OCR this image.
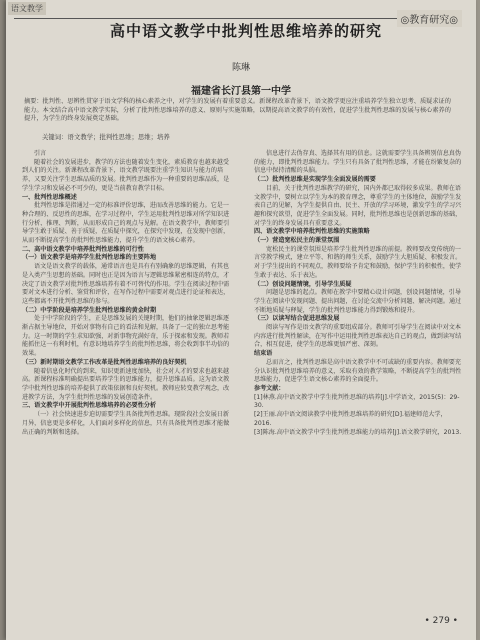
语文教学
◎教育研究◎
高中语文教学中批判性思维培养的研究
陈琳
福建省长汀县第一中学
摘要：批判性、思辨性贯穿于语文学科的核心素养之中，对学生的发展有着重要意义。新课程改革背景下，语文教学更应注重培养学生独立思考、质疑求证的能力。本文结合高中语文教学实际，分析了批判性思维培养的意义、原则与实施策略，以期提高语文教学的有效性，促进学生批判性思维的发展与核心素养的提升，为学生的终身发展奠定基础。
关键词：语文教学；批判性思维；思维；培养

引言

随着社会的发展进步，教学的方法也随着发生变化，素质教育也越来越受到人们的关注。新课程改革背景下，语文教学既要注重学生知识与能力的培养，又要关注学生思维品质的发展。批判性思维作为一种重要的思维品质，是学生学习和发展必不可少的，更是当前教育教学目标。

一、批判性思维概述

批判性思维是指通过一定的标准评价思维，进而改善思维的能力。它是一种合理的、反思性的思维，在学习过程中，学生运用批判性思维对所学知识进行分析、推理、判断，从而形成自己的观点与见解。在语文教学中，教师要引导学生敢于质疑、善于质疑，在质疑中探究，在探究中发现，在发现中创新，从而不断提高学生的批判性思维能力，提升学生的语文核心素养。

二、高中语文教学中培养批判性思维的可行性

（一）语文教学是培养学生批判性思维的主要阵地

语文是语文教学的载体，通常语言也是具有有别确象的思维逻辑，有其也是入类产生思想的基础。同时也正是因为语言与逻辑思维紧密相连的特点，才决定了语文教学对批判性思维培养有着不可替代的作用。学生在阅读过程中需要对文本进行分析、鉴赏和评价，在写作过程中需要对观点进行论证和表达，这些都离不开批判性思维的参与。

（二）中学阶段是培养学生批判性思维的黄金时期

处于中学阶段的学生，正是思维发展的关键时期，他们的抽象逻辑思维逐渐占据主导地位，开始对事物有自己的看法和见解，具备了一定的独立思考能力。这一时期的学生求知欲强，对新事物充满好奇，乐于探索和发现。教师若能抓住这一有利时机，有意识地培养学生的批判性思维，将会收到事半功倍的效果。

（三）新时期语文教学工作改革是批判性思维培养的良好契机

随着信息化时代的到来，知识更新速度加快，社会对人才的要求也越来越高。新课程标准明确提出要培养学生的思维能力，提升思维品质。这为语文教学中批判性思维的培养提供了政策依据和良好契机。教师应转变教学观念，改进教学方法，为学生批判性思维的发展创造条件。

三、语文教学中开展批判性思维培养的必要性分析

（一）社会快速进步迫切需要学生具备批判性思维。现阶段社会发展日新月异，信息更是多样化，人们面对多样化的信息，只有具备批判性思维才能做出正确的判断和选择。

信息进行去伪存真、选择其有用的信息。这就需要学生具备辨别信息真伪的能力，即批判性思维能力。学生只有具备了批判性思维，才能在纷繁复杂的信息中保持清醒的头脑。

（二）批判性思维是实现学生全面发展的需要

目前，关于批判性思维教学的研究，国内外都已取得较多成果。教师在语文教学中，要树立以学生为本的教育理念，尊重学生的主体地位，鼓励学生发表自己的见解，为学生提供自由、民主、开放的学习环境，激发学生的学习兴趣和探究欲望，促进学生全面发展。同时，批判性思维也是创新思维的基础，对学生的终身发展具有重要意义。

四、语文教学中培养批判性思维的实施策略

（一）营造宽松民主的课堂氛围

宽松民主的课堂氛围是培养学生批判性思维的前提。教师要改变传统的一言堂教学模式，建立平等、和谐的师生关系，鼓励学生大胆质疑、积极发言。对于学生提出的不同观点，教师要给予肯定和鼓励，保护学生的积极性，使学生敢于表达、乐于表达。

（二）创设问题情境，引导学生质疑

问题是思维的起点。教师在教学中要精心设计问题，创设问题情境，引导学生在阅读中发现问题、提出问题，在讨论交流中分析问题、解决问题。通过不断地质疑与释疑，学生的批判性思维能力得到锻炼和提升。

（三）以读写结合促进思维发展

阅读与写作是语文教学的重要组成部分。教师可引导学生在阅读中对文本内容进行批判性解读，在写作中运用批判性思维表达自己的观点，做到读写结合，相互促进，使学生的思维更加严密、深刻。

结束语

总而言之，批判性思维是高中语文教学中不可或缺的重要内容。教师要充分认识批判性思维培养的意义，采取有效的教学策略，不断提高学生的批判性思维能力，促进学生语文核心素养的全面提升。

参考文献：

[1]林燕.高中语文教学中学生批判性思维的培养[J].中学语文，2015(5)：29-30.

[2]王丽.高中语文阅读教学中批判性思维培养的研究[D].福建师范大学，2016.

[3]陈海.高中语文教学中学生批判性思维能力的培养[J].语文教学研究，2013.

• 279 •
